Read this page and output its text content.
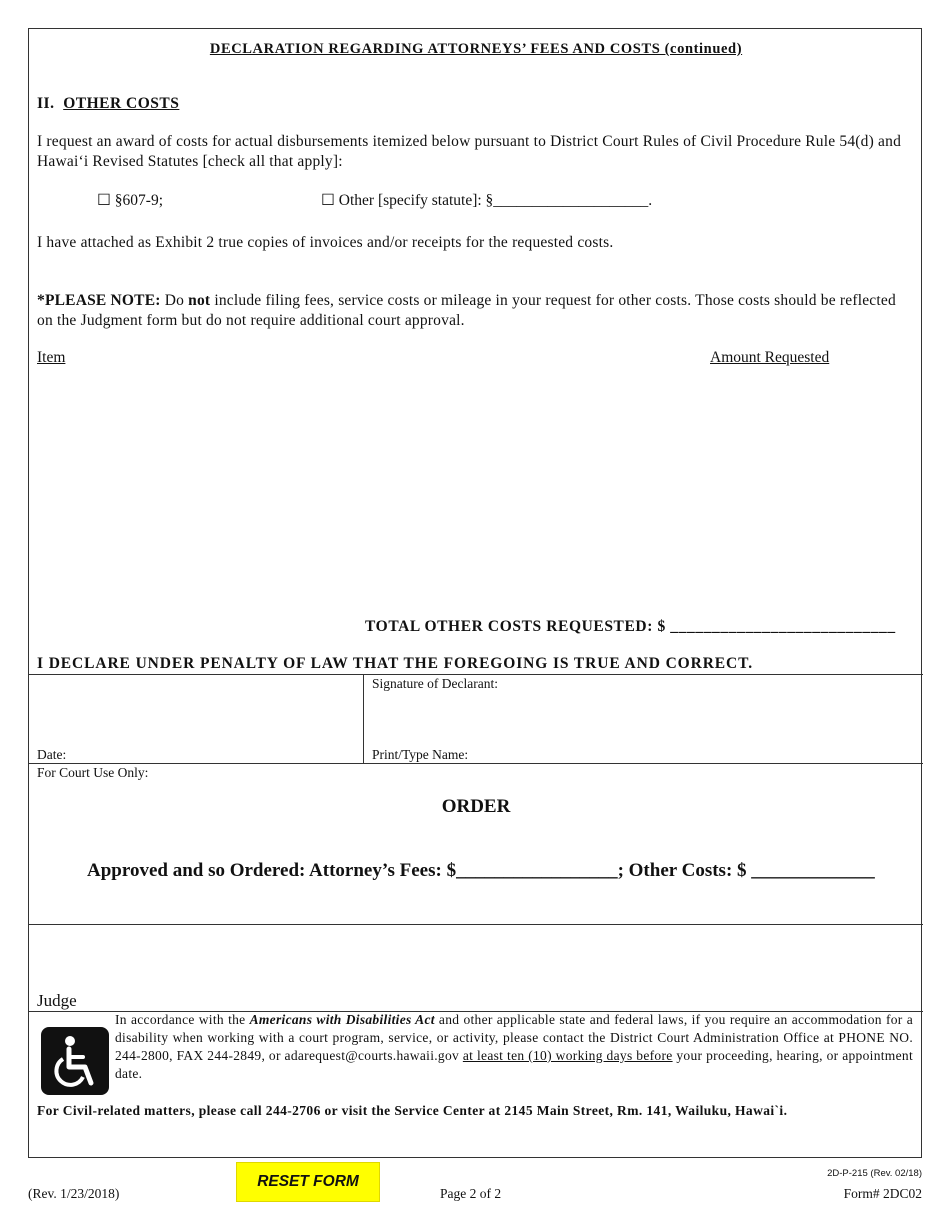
DECLARATION REGARDING ATTORNEYS’ FEES AND COSTS (continued)
II. OTHER COSTS
I request an award of costs for actual disbursements itemized below pursuant to District Court Rules of Civil Procedure Rule 54(d) and Hawai‘i Revised Statutes [check all that apply]:
☐ §607-9;	☐ Other [specify statute]: §____________________.
I have attached as Exhibit 2 true copies of invoices and/or receipts for the requested costs.
*PLEASE NOTE: Do not include filing fees, service costs or mileage in your request for other costs. Those costs should be reflected on the Judgment form but do not require additional court approval.
Item	Amount Requested
TOTAL OTHER COSTS REQUESTED: $ ___________________________
I DECLARE UNDER PENALTY OF LAW THAT THE FOREGOING IS TRUE AND CORRECT.
Signature of Declarant:
Date:	Print/Type Name:
For Court Use Only:
ORDER
Approved and so Ordered: Attorney’s Fees: $_________________; Other Costs: $ _____________
Judge
In accordance with the Americans with Disabilities Act and other applicable state and federal laws, if you require an accommodation for a disability when working with a court program, service, or activity, please contact the District Court Administration Office at PHONE NO. 244-2800, FAX 244-2849, or adarequest@courts.hawaii.gov at least ten (10) working days before your proceeding, hearing, or appointment date.
For Civil-related matters, please call 244-2706 or visit the Service Center at 2145 Main Street, Rm. 141, Wailuku, Hawai`i.
(Rev. 1/23/2018)
RESET FORM
Page 2 of 2
2D-P-215 (Rev. 02/18)
Form# 2DC02
